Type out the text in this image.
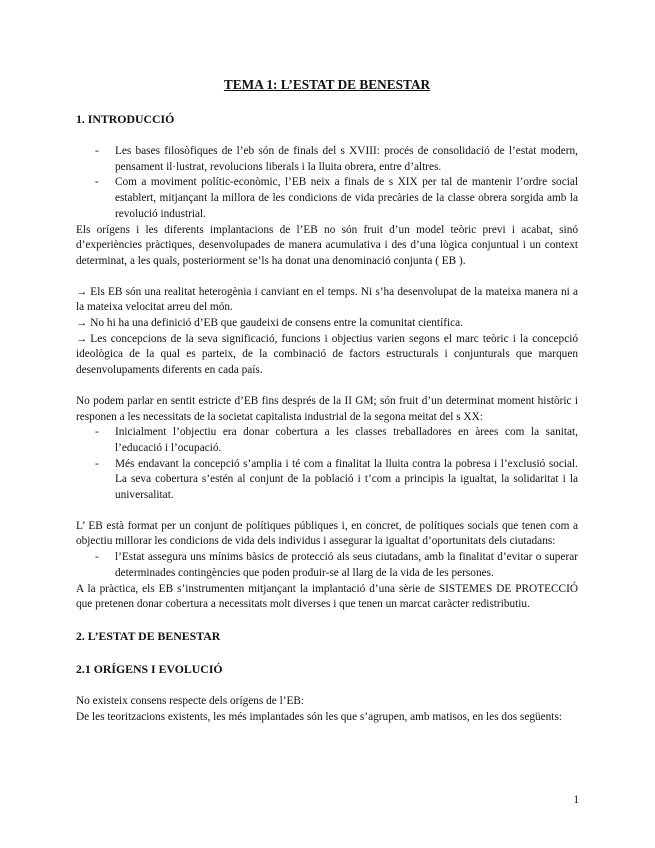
TEMA 1: L’ESTAT DE BENESTAR
1. INTRODUCCIÓ
- Les bases filosòfiques de l’eb són de finals del s XVIII: procés de consolidació de l’estat modern, pensament il·lustrat, revolucions liberals i la lluita obrera, entre d’altres.
- Com a moviment polític-econòmic, l’EB neix a finals de s XIX per tal de mantenir l’ordre social establert, mitjançant la millora de les condicions de vida precàries de la classe obrera sorgida amb la revolució industrial.

Els orígens i les diferents implantacions de l’EB no són fruit d’un model teòric previ i acabat, sinó d’experiències pràctiques, desenvolupades de manera acumulativa i des d’una lògica conjuntual i un context determinat, a les quals, posteriorment se’ls ha donat una denominació conjunta ( EB ).

→ Els EB són una realitat heterogènia i canviant en el temps. Ni s’ha desenvolupat de la mateixa manera ni a la mateixa velocitat arreu del món.

→ No hi ha una definició d’EB que gaudeixi de consens entre la comunitat científica.

→ Les concepcions de la seva significació, funcions i objectius varien segons el marc teòric i la concepció ideològica de la qual es parteix, de la combinació de factors estructurals i conjunturals que marquen desenvolupaments diferents en cada país.

No podem parlar en sentit estricte d’EB fins després de la II GM; són fruit d’un determinat moment històric i responen a les necessitats de la societat capitalista industrial de la segona meitat del s XX:

- Inicialment l’objectiu era donar cobertura a les classes treballadores en àrees com la sanitat, l’educació i l’ocupació.
- Més endavant la concepció s’amplia i té com a finalitat la lluita contra la pobresa i l’exclusió social. La seva cobertura s’estén al conjunt de la població i t’com a principis la igualtat, la solidaritat i la universalitat.

L’ EB està format per un conjunt de polítiques públiques i, en concret, de polítiques socials que tenen com a objectiu millorar les condicions de vida dels individus i assegurar la igualtat d’oportunitats dels ciutadans:

- l’Estat assegura uns mínims bàsics de protecció als seus ciutadans, amb la finalitat d’evitar o superar determinades contingències que poden produir-se al llarg de la vida de les persones.

A la pràctica, els EB s’instrumenten mitjançant la implantació d’una sèrie de SISTEMES DE PROTECCIÓ que pretenen donar cobertura a necessitats molt diverses i que tenen un marcat caràcter redistributiu.

2. L’ESTAT DE BENESTAR
2.1 ORÍGENS I EVOLUCIÓ

No existeix consens respecte dels orígens de l’EB:

De les teoritzacions existents, les més implantades són les que s’agrupen, amb matisos, en les dos següents:

1
